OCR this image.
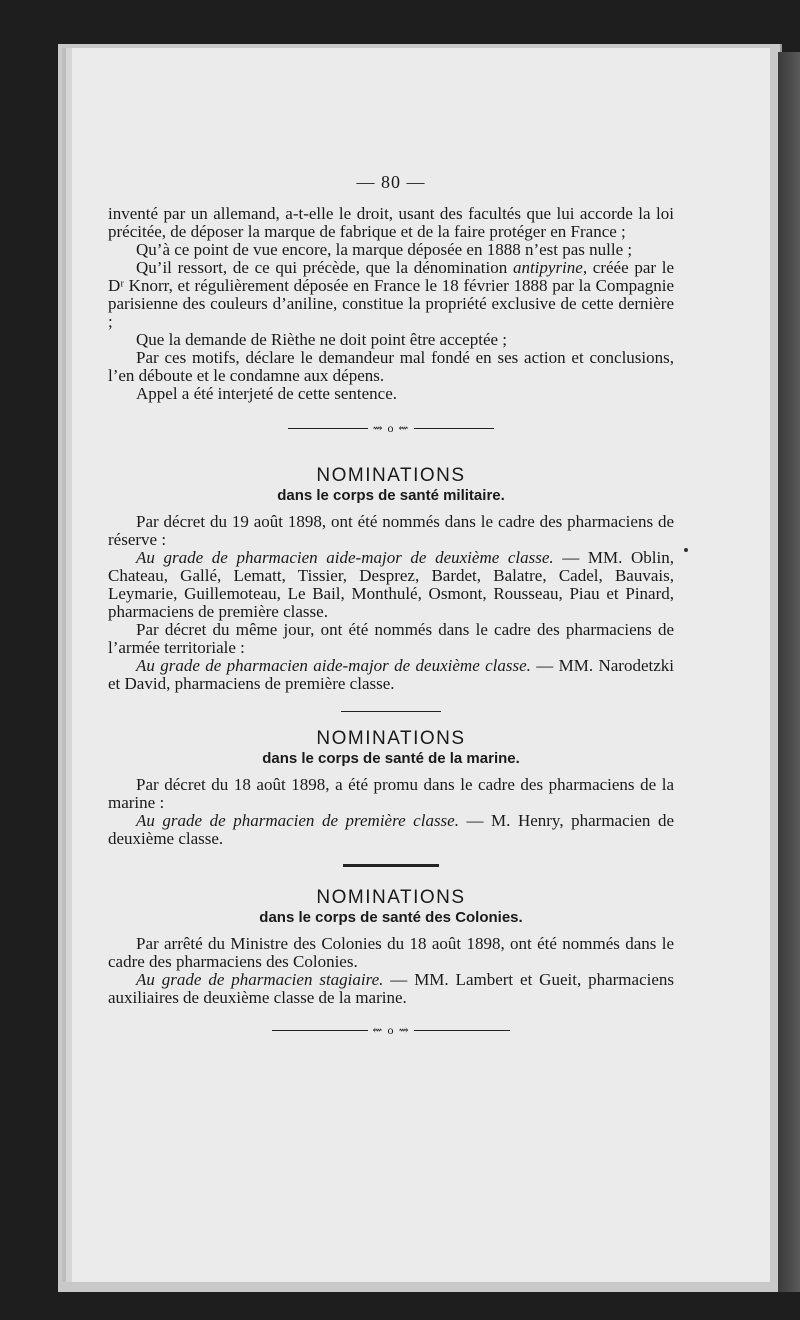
— 80 —

inventé par un allemand, a-t-elle le droit, usant des facultés que lui accorde la loi précitée, de déposer la marque de fabrique et de la faire protéger en France ;

Qu’à ce point de vue encore, la marque déposée en 1888 n’est pas nulle ;

Qu’il ressort, de ce qui précède, que la dénomination antipyrine, créée par le Dʳ Knorr, et régulièrement déposée en France le 18 février 1888 par la Compagnie parisienne des couleurs d’aniline, constitue la propriété exclusive de cette dernière ;

Que la demande de Rièthe ne doit point être acceptée ;

Par ces motifs, déclare le demandeur mal fondé en ses action et conclusions, l’en déboute et le condamne aux dépens.

Appel a été interjeté de cette sentence.

⇝ o ⇜
NOMINATIONS
dans le corps de santé militaire.

Par décret du 19 août 1898, ont été nommés dans le cadre des pharmaciens de réserve :

Au grade de pharmacien aide-major de deuxième classe. — MM. Oblin, Chateau, Gallé, Lematt, Tissier, Desprez, Bardet, Balatre, Cadel, Bauvais, Leymarie, Guillemoteau, Le Bail, Monthulé, Osmont, Rousseau, Piau et Pinard, pharmaciens de première classe.

Par décret du même jour, ont été nommés dans le cadre des pharmaciens de l’armée territoriale :

Au grade de pharmacien aide-major de deuxième classe. — MM. Narodetzki et David, pharmaciens de première classe.

NOMINATIONS
dans le corps de santé de la marine.

Par décret du 18 août 1898, a été promu dans le cadre des pharmaciens de la marine :

Au grade de pharmacien de première classe. — M. Henry, pharmacien de deuxième classe.

NOMINATIONS
dans le corps de santé des Colonies.

Par arrêté du Ministre des Colonies du 18 août 1898, ont été nommés dans le cadre des pharmaciens des Colonies.

Au grade de pharmacien stagiaire. — MM. Lambert et Gueit, pharmaciens auxiliaires de deuxième classe de la marine.

⇜ o ⇝
